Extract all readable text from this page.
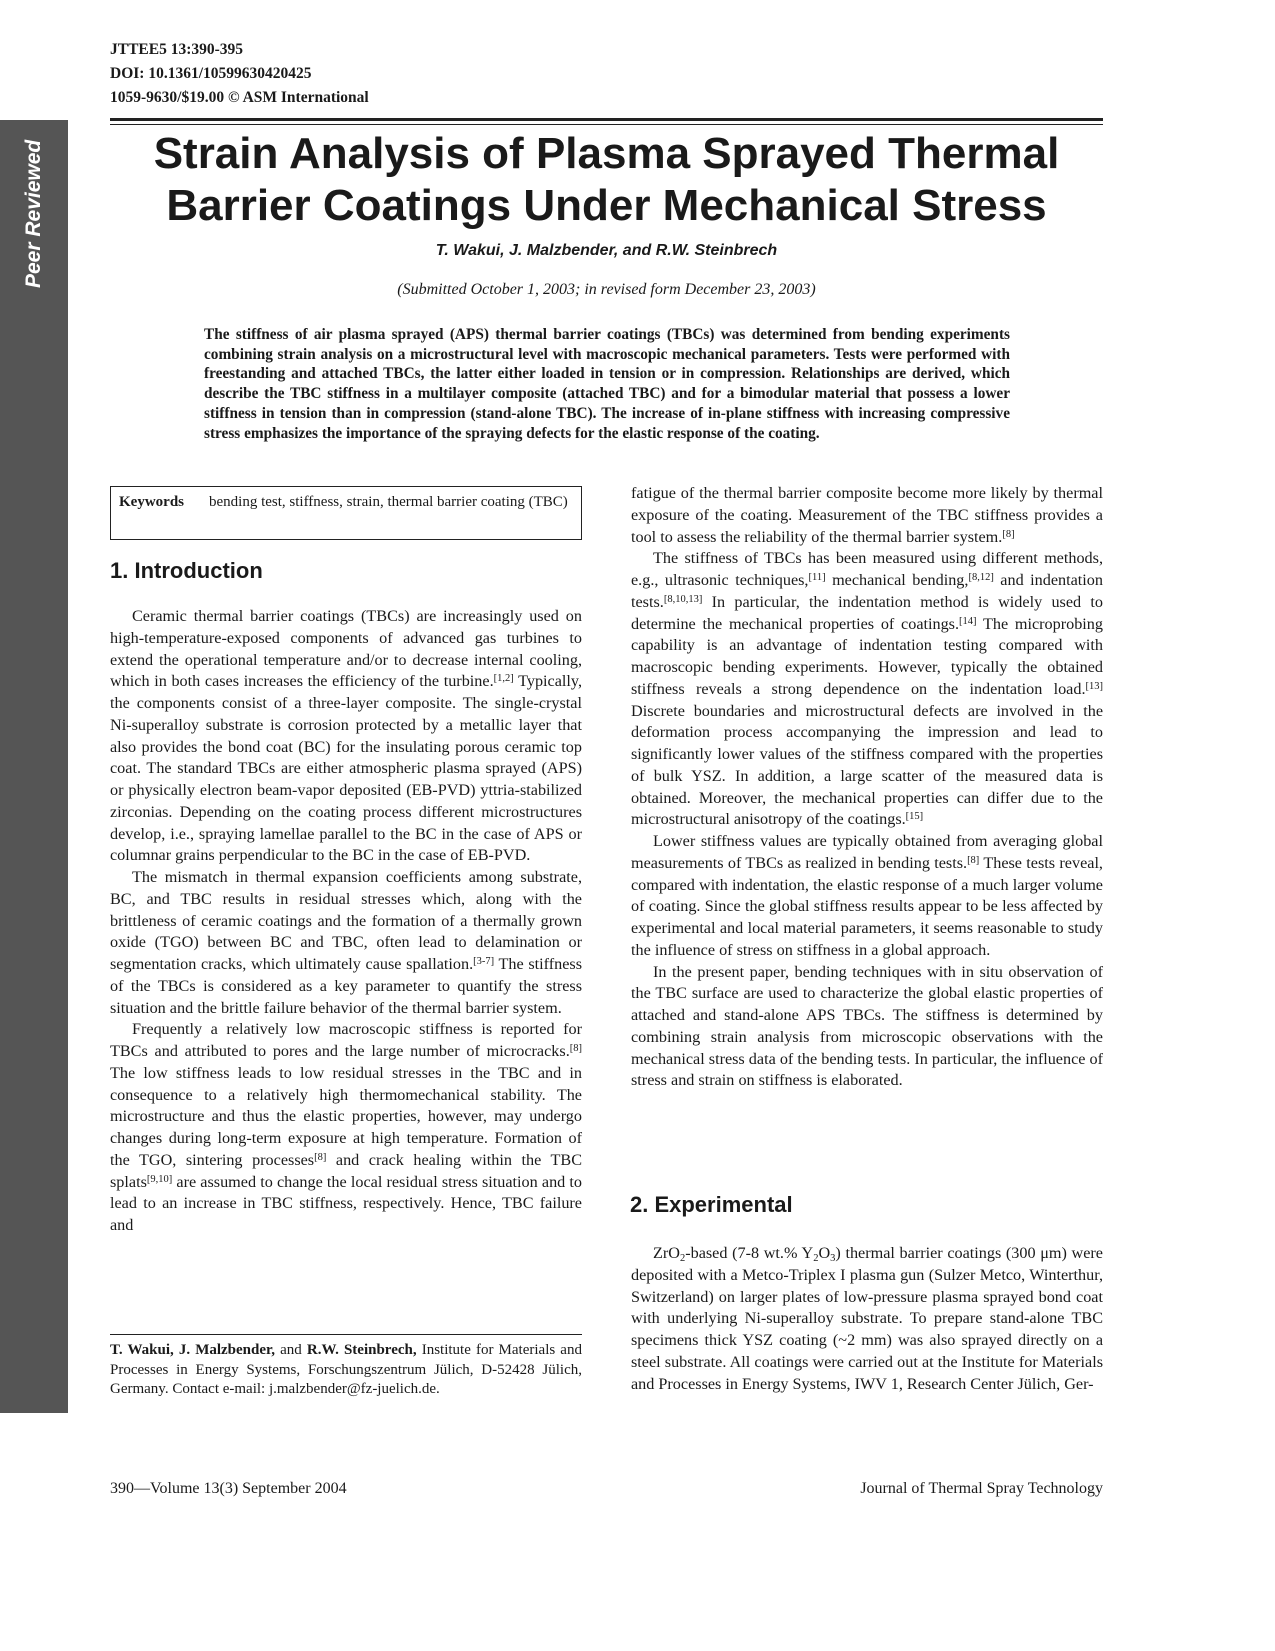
Peer Reviewed
JTTEE5 13:390-395
DOI: 10.1361/10599630420425
1059-9630/$19.00 © ASM International
Strain Analysis of Plasma Sprayed Thermal
Barrier Coatings Under Mechanical Stress
T. Wakui, J. Malzbender, and R.W. Steinbrech
(Submitted October 1, 2003; in revised form December 23, 2003)
The stiffness of air plasma sprayed (APS) thermal barrier coatings (TBCs) was determined from bending experiments combining strain analysis on a microstructural level with macroscopic mechanical parameters. Tests were performed with freestanding and attached TBCs, the latter either loaded in tension or in compression. Relationships are derived, which describe the TBC stiffness in a multilayer composite (attached TBC) and for a bimodular material that possess a lower stiffness in tension than in compression (stand-alone TBC). The increase of in-plane stiffness with increasing compressive stress emphasizes the importance of the spraying defects for the elastic response of the coating.
Keywords bending test, stiffness, strain, thermal barrier coating (TBC)
1. Introduction

Ceramic thermal barrier coatings (TBCs) are increasingly used on high-temperature-exposed components of advanced gas turbines to extend the operational temperature and/or to decrease internal cooling, which in both cases increases the efficiency of the turbine.[1,2] Typically, the components consist of a three-layer composite. The single-crystal Ni-superalloy substrate is corrosion protected by a metallic layer that also provides the bond coat (BC) for the insulating porous ceramic top coat. The standard TBCs are either atmospheric plasma sprayed (APS) or physically electron beam-vapor deposited (EB-PVD) yttria-stabilized zirconias. Depending on the coating process different microstructures develop, i.e., spraying lamellae parallel to the BC in the case of APS or columnar grains perpendicular to the BC in the case of EB-PVD.

The mismatch in thermal expansion coefficients among substrate, BC, and TBC results in residual stresses which, along with the brittleness of ceramic coatings and the formation of a thermally grown oxide (TGO) between BC and TBC, often lead to delamination or segmentation cracks, which ultimately cause spallation.[3-7] The stiffness of the TBCs is considered as a key parameter to quantify the stress situation and the brittle failure behavior of the thermal barrier system.

Frequently a relatively low macroscopic stiffness is reported for TBCs and attributed to pores and the large number of microcracks.[8] The low stiffness leads to low residual stresses in the TBC and in consequence to a relatively high thermomechanical stability. The microstructure and thus the elastic properties, however, may undergo changes during long-term exposure at high temperature. Formation of the TGO, sintering processes[8] and crack healing within the TBC splats[9,10] are assumed to change the local residual stress situation and to lead to an increase in TBC stiffness, respectively. Hence, TBC failure and

T. Wakui, J. Malzbender, and R.W. Steinbrech, Institute for Materials and Processes in Energy Systems, Forschungszentrum Jülich, D-52428 Jülich, Germany. Contact e-mail: j.malzbender@fz-juelich.de.

fatigue of the thermal barrier composite become more likely by thermal exposure of the coating. Measurement of the TBC stiffness provides a tool to assess the reliability of the thermal barrier system.[8]

The stiffness of TBCs has been measured using different methods, e.g., ultrasonic techniques,[11] mechanical bending,[8,12] and indentation tests.[8,10,13] In particular, the indentation method is widely used to determine the mechanical properties of coatings.[14] The microprobing capability is an advantage of indentation testing compared with macroscopic bending experiments. However, typically the obtained stiffness reveals a strong dependence on the indentation load.[13] Discrete boundaries and microstructural defects are involved in the deformation process accompanying the impression and lead to significantly lower values of the stiffness compared with the properties of bulk YSZ. In addition, a large scatter of the measured data is obtained. Moreover, the mechanical properties can differ due to the microstructural anisotropy of the coatings.[15]

Lower stiffness values are typically obtained from averaging global measurements of TBCs as realized in bending tests.[8] These tests reveal, compared with indentation, the elastic response of a much larger volume of coating. Since the global stiffness results appear to be less affected by experimental and local material parameters, it seems reasonable to study the influence of stress on stiffness in a global approach.

In the present paper, bending techniques with in situ observation of the TBC surface are used to characterize the global elastic properties of attached and stand-alone APS TBCs. The stiffness is determined by combining strain analysis from microscopic observations with the mechanical stress data of the bending tests. In particular, the influence of stress and strain on stiffness is elaborated.

2. Experimental

ZrO$_2$-based (7-8 wt.% $Y_2O_3$) thermal barrier coatings (300 μm) were deposited with a Metco-Triplex I plasma gun (Sulzer Metco, Winterthur, Switzerland) on larger plates of low-pressure plasma sprayed bond coat with underlying Ni-superalloy substrate. To prepare stand-alone TBC specimens thick YSZ coating (~2 mm) was also sprayed directly on a steel substrate. All coatings were carried out at the Institute for Materials and Processes in Energy Systems, IWV 1, Research Center Jülich, Ger-

390—Volume 13(3) September 2004	Journal of Thermal Spray Technology
